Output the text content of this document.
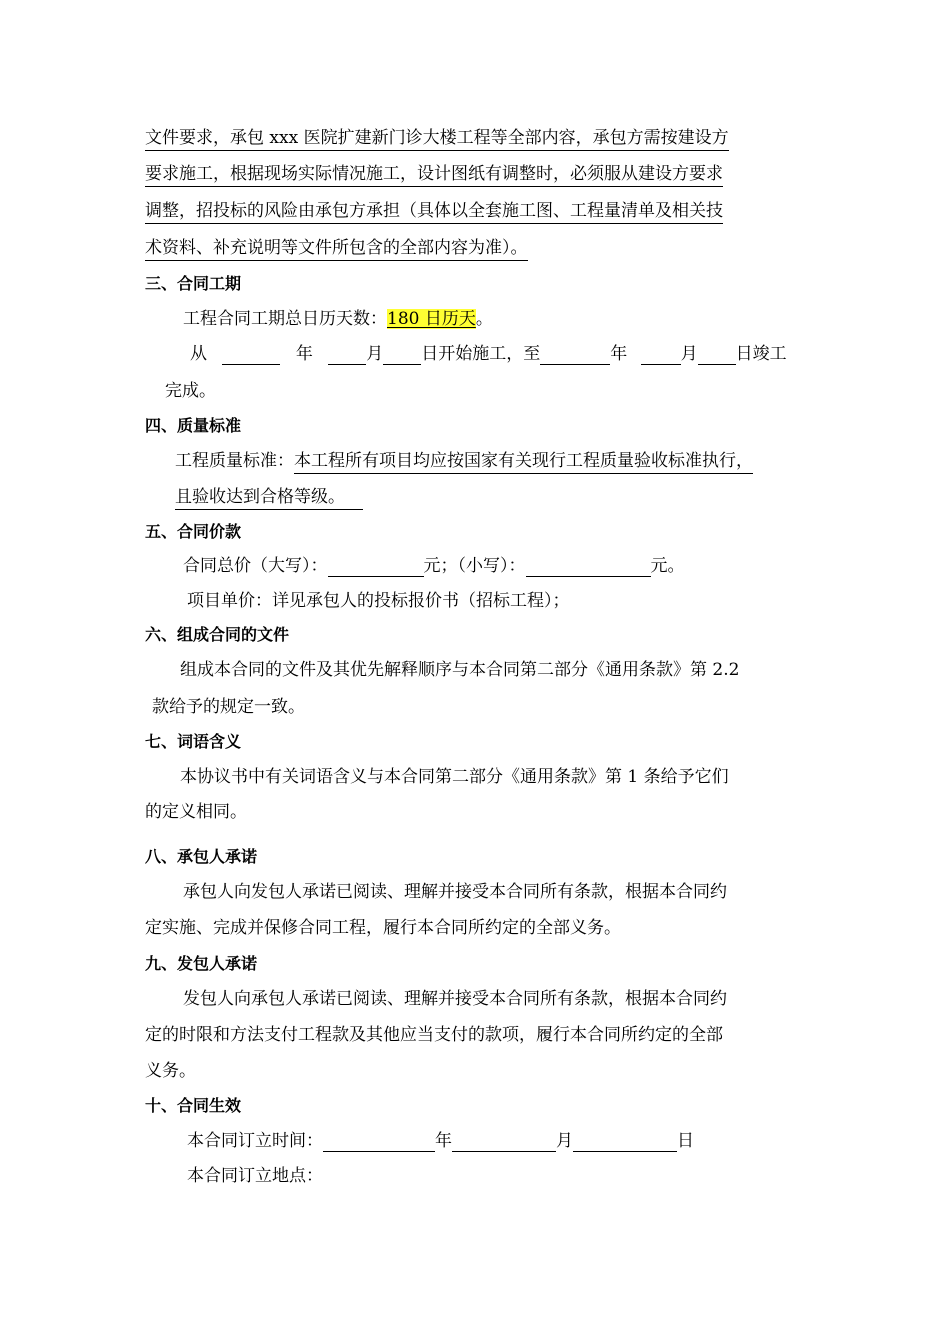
文件要求，承包 xxx 医院扩建新门诊大楼工程等全部内容，承包方需按建设方
要求施工，根据现场实际情况施工，设计图纸有调整时，必须服从建设方要求
调整，招投标的风险由承包方承担（具体以全套施工图、工程量清单及相关技
术资料、补充说明等文件所包含的全部内容为准）。
三、合同工期
工程合同工期总日历天数：180 日历天。
从	年	月 日开始施工，至	年	月 日竣工
完成。
四、质量标准
工程质量标准：本工程所有项目均应按国家有关现行工程质量验收标准执行，
且验收达到合格等级。
五、合同价款
合同总价（大写）：	元；（小写）：	元。
项目单价：详见承包人的投标报价书（招标工程）；
六、组成合同的文件
组成本合同的文件及其优先解释顺序与本合同第二部分《通用条款》第 2.2
款给予的规定一致。
七、词语含义
本协议书中有关词语含义与本合同第二部分《通用条款》第 1 条给予它们
的定义相同。
八、承包人承诺
承包人向发包人承诺已阅读、理解并接受本合同所有条款，根据本合同约
定实施、完成并保修合同工程，履行本合同所约定的全部义务。
九、发包人承诺
发包人向承包人承诺已阅读、理解并接受本合同所有条款，根据本合同约
定的时限和方法支付工程款及其他应当支付的款项，履行本合同所约定的全部
义务。
十、合同生效
本合同订立时间：	年	月	日
本合同订立地点：
